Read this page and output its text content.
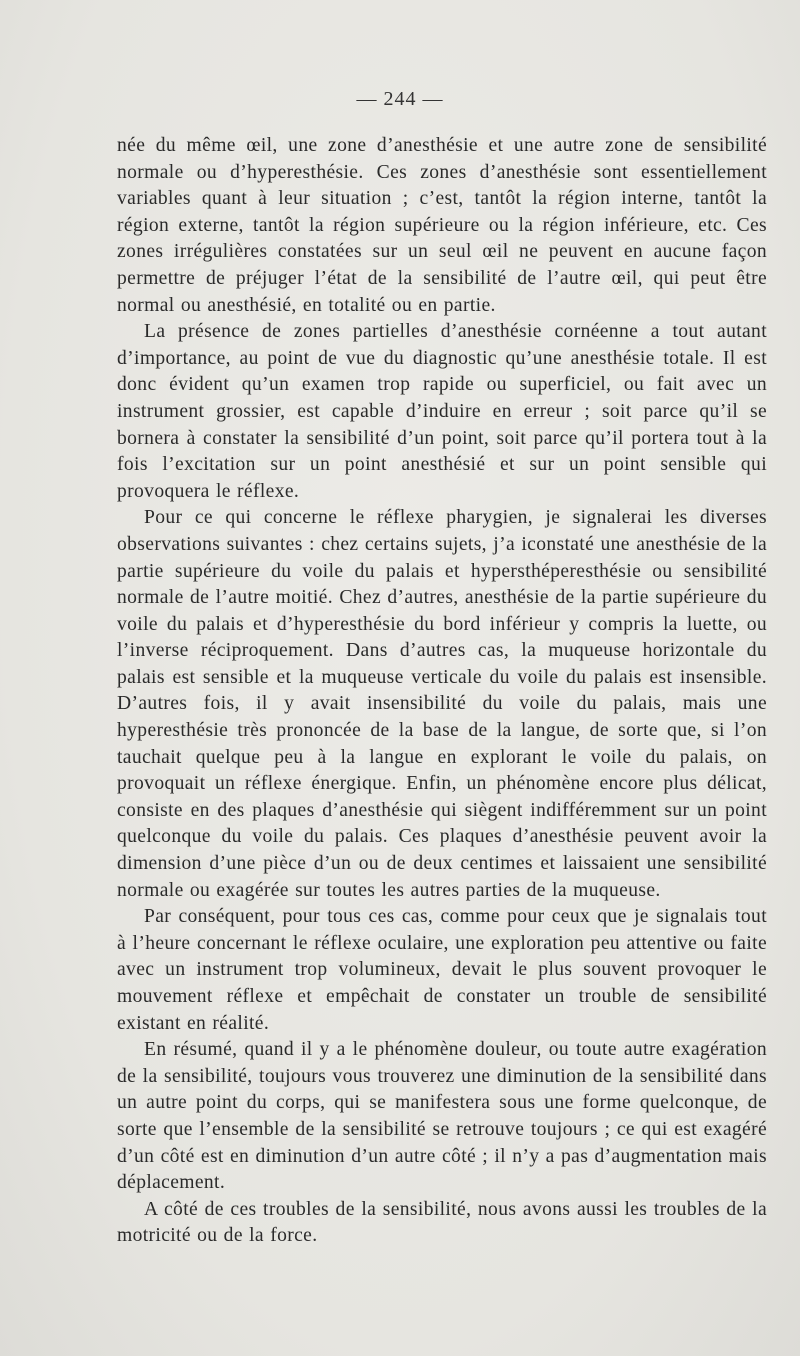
— 244 —

née du même œil, une zone d’anesthésie et une autre zone de sensibilité normale ou d’hyperesthésie. Ces zones d’anesthésie sont essentiellement variables quant à leur situation ; c’est, tantôt la région interne, tantôt la région externe, tantôt la région supérieure ou la région inférieure, etc. Ces zones irrégulières constatées sur un seul œil ne peuvent en aucune façon permettre de préjuger l’état de la sensibilité de l’autre œil, qui peut être normal ou anesthésié, en totalité ou en partie.

La présence de zones partielles d’anesthésie cornéenne a tout autant d’importance, au point de vue du diagnostic qu’une anesthésie totale. Il est donc évident qu’un examen trop rapide ou superficiel, ou fait avec un instrument grossier, est capable d’induire en erreur ; soit parce qu’il se bornera à constater la sensibilité d’un point, soit parce qu’il portera tout à la fois l’excitation sur un point anesthésié et sur un point sensible qui provoquera le réflexe.

Pour ce qui concerne le réflexe pharygien, je signalerai les diverses observations suivantes : chez certains sujets, j’a iconstaté une anesthésie de la partie supérieure du voile du palais et hypersthéperesthésie ou sensibilité normale de l’autre moitié. Chez d’autres, anesthésie de la partie supérieure du voile du palais et d’hyperesthésie du bord inférieur y compris la luette, ou l’inverse réciproquement. Dans d’autres cas, la muqueuse horizontale du palais est sensible et la muqueuse verticale du voile du palais est insensible. D’autres fois, il y avait insensibilité du voile du palais, mais une hyperesthésie très prononcée de la base de la langue, de sorte que, si l’on tauchait quelque peu à la langue en explorant le voile du palais, on provoquait un réflexe énergique. Enfin, un phénomène encore plus délicat, consiste en des plaques d’anesthésie qui siègent indifféremment sur un point quelconque du voile du palais. Ces plaques d’anesthésie peuvent avoir la dimension d’une pièce d’un ou de deux centimes et laissaient une sensibilité normale ou exagérée sur toutes les autres parties de la muqueuse.

Par conséquent, pour tous ces cas, comme pour ceux que je signalais tout à l’heure concernant le réflexe oculaire, une exploration peu attentive ou faite avec un instrument trop volumineux, devait le plus souvent provoquer le mouvement réflexe et empêchait de constater un trouble de sensibilité existant en réalité.

En résumé, quand il y a le phénomène douleur, ou toute autre exagération de la sensibilité, toujours vous trouverez une diminution de la sensibilité dans un autre point du corps, qui se manifestera sous une forme quelconque, de sorte que l’ensemble de la sensibilité se retrouve toujours ; ce qui est exagéré d’un côté est en diminution d’un autre côté ; il n’y a pas d’augmentation mais déplacement.

A côté de ces troubles de la sensibilité, nous avons aussi les troubles de la motricité ou de la force.
